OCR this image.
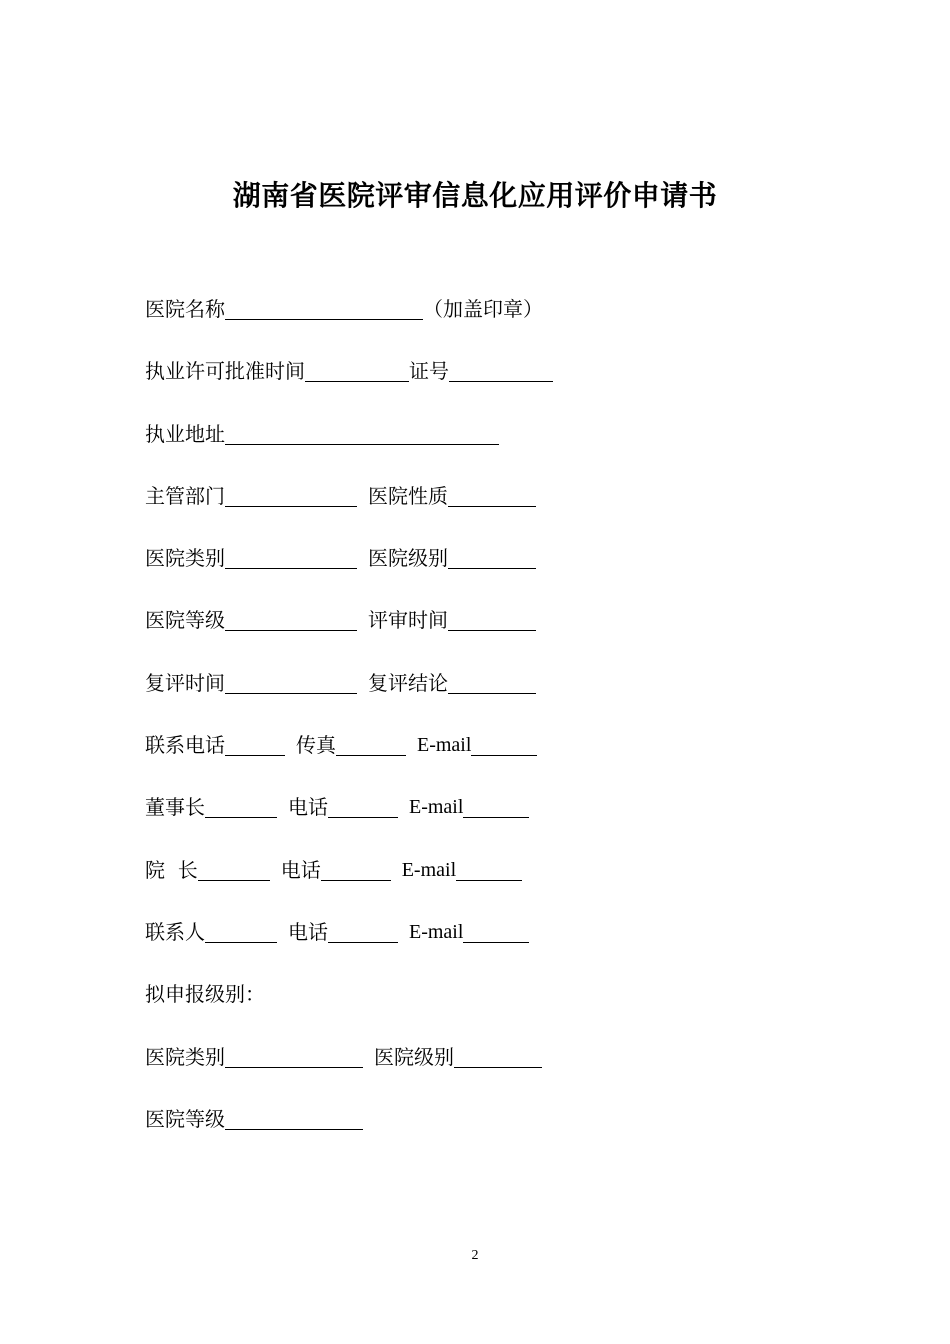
湖南省医院评审信息化应用评价申请书
医院名称	（加盖印章）
执业许可批准时间	证号
执业地址
主管部门	医院性质
医院类别	医院级别
医院等级	评审时间
复评时间	复评结论
联系电话	传真	E-mail
董事长	电话	E-mail
院  长	电话	E-mail
联系人	电话	E-mail
拟申报级别：
医院类别	医院级别
医院等级
2
